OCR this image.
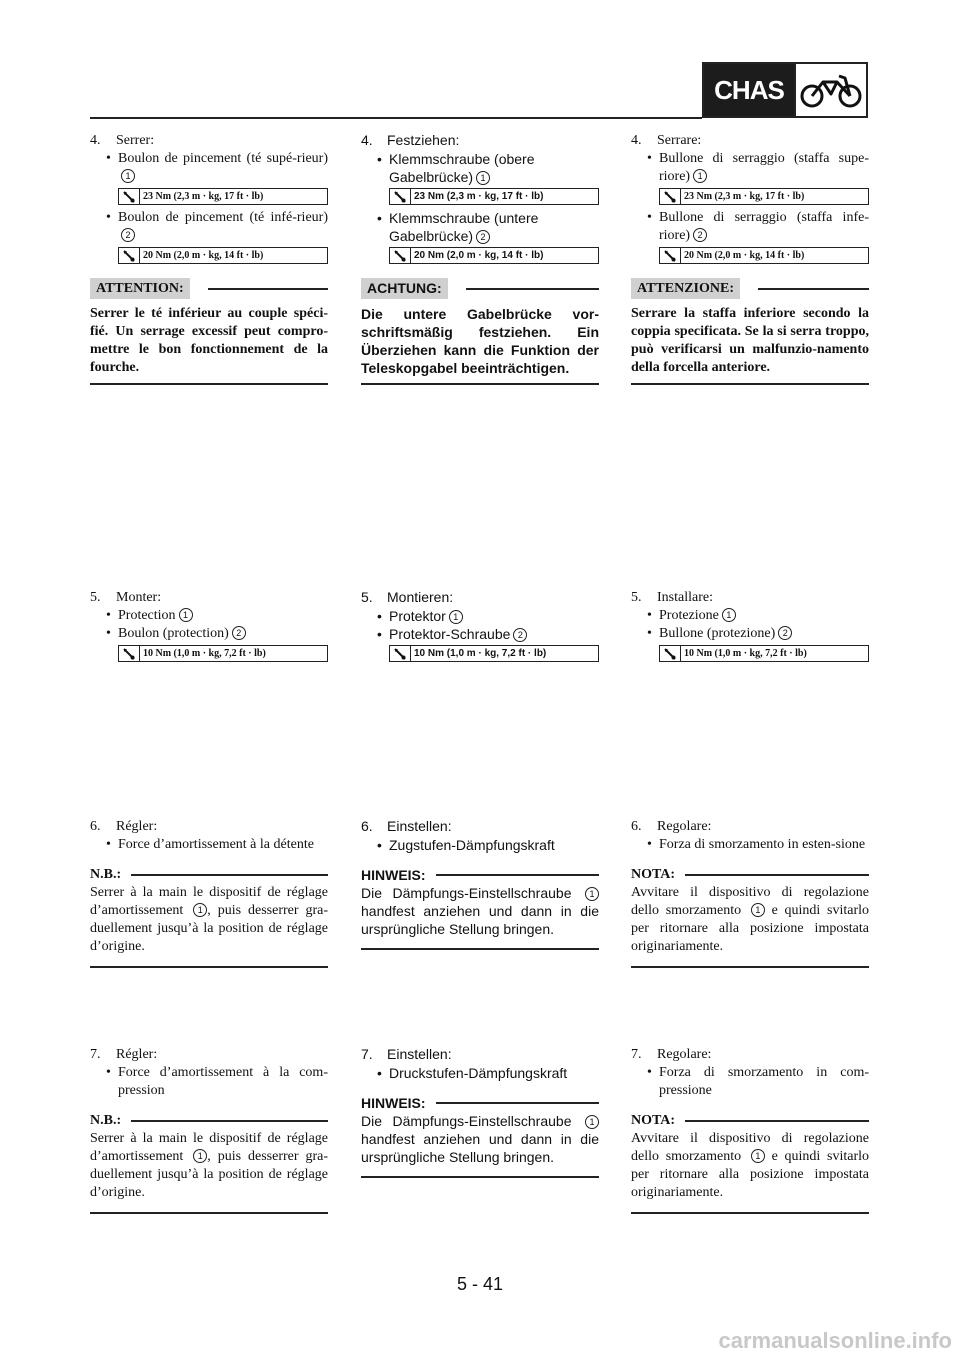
CHAS
4.	Serrer:
• Boulon de pincement (té supé-rieur)1
23 Nm (2,3 m · kg, 17 ft · lb)
• Boulon de pincement (té infé-rieur)2
20 Nm (2,0 m · kg, 14 ft · lb)
ATTENTION:
Serrer le té inférieur au couple spéci-fié. Un serrage excessif peut compro-mettre le bon fonctionnement de la fourche.
5.	Monter:
• Protection 1
• Boulon (protection) 2
10 Nm (1,0 m · kg, 7,2 ft · lb)
6.	Régler:
• Force d’amortissement à la détente
N.B.:
Serrer à la main le dispositif de réglage d’amortissement 1 , puis desserrer gra-duellement jusqu’à la position de réglage d’origine.
7.	Régler:
• Force d’amortissement à la com-pression
N.B.:
Serrer à la main le dispositif de réglage d’amortissement 1 , puis desserrer gra-duellement jusqu’à la position de réglage d’origine.
4.	Festziehen:
• Klemmschraube (obere Gabelbrücke) 1
23 Nm (2,3 m · kg, 17 ft · lb)
• Klemmschraube (untere Gabelbrücke) 2
20 Nm (2,0 m · kg, 14 ft · lb)
ACHTUNG:
Die untere Gabelbrücke vor-schriftsmäßig festziehen. Ein Überziehen kann die Funktion der Teleskopgabel beeinträchtigen.
5.	Montieren:
• Protektor 1
• Protektor-Schraube 2
10 Nm (1,0 m · kg, 7,2 ft · lb)
6.	Einstellen:
• Zugstufen-Dämpfungskraft
HINWEIS:
Die Dämpfungs-Einstellschraube 1 handfest anziehen und dann in die ursprüngliche Stellung bringen.
7.	Einstellen:
• Druckstufen-Dämpfungskraft
HINWEIS:
Die Dämpfungs-Einstellschraube 1 handfest anziehen und dann in die ursprüngliche Stellung bringen.
4.	Serrare:
• Bullone di serraggio (staffa supe-riore) 1
23 Nm (2,3 m · kg, 17 ft · lb)
• Bullone di serraggio (staffa infe-riore) 2
20 Nm (2,0 m · kg, 14 ft · lb)
ATTENZIONE:
Serrare la staffa inferiore secondo la coppia specificata. Se la si serra troppo, può verificarsi un malfunzio-namento della forcella anteriore.
5.	Installare:
• Protezione 1
• Bullone (protezione) 2
10 Nm (1,0 m · kg, 7,2 ft · lb)
6.	Regolare:
• Forza di smorzamento in esten-sione
NOTA:
Avvitare il dispositivo di regolazione dello smorzamento 1 e quindi svitarlo per ritornare alla posizione impostata originariamente.
7.	Regolare:
• Forza di smorzamento in com-pressione
NOTA:
Avvitare il dispositivo di regolazione dello smorzamento 1 e quindi svitarlo per ritornare alla posizione impostata originariamente.
5 - 41
carmanualsonline.info
